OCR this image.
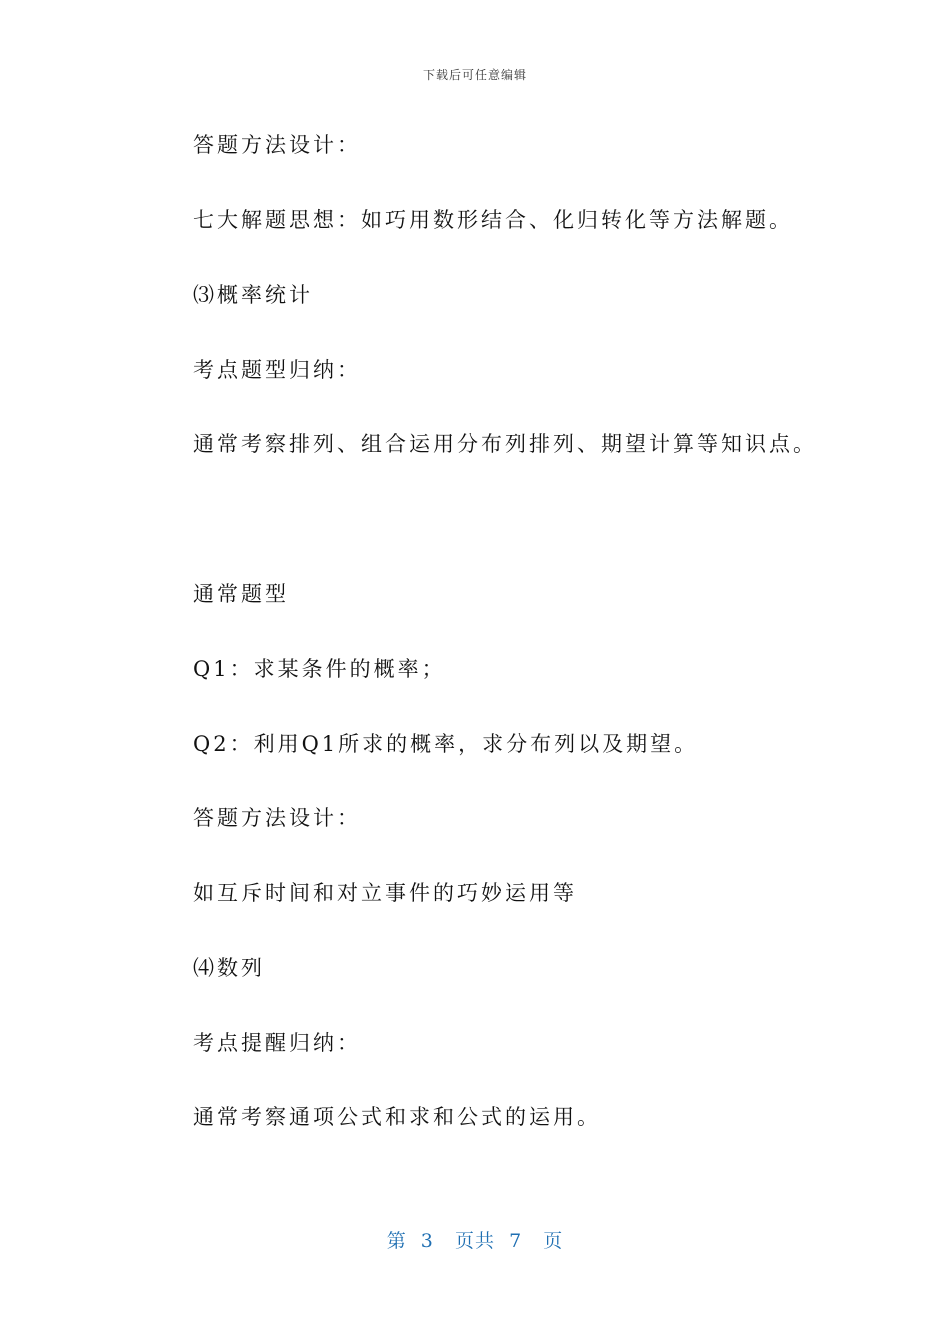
下载后可任意编辑
答题方法设计：
七大解题思想：如巧用数形结合、化归转化等方法解题。
⑶概率统计
考点题型归纳：
通常考察排列、组合运用分布列排列、期望计算等知识点。
通常题型
Q1：求某条件的概率；
Q2：利用Q1所求的概率，求分布列以及期望。
答题方法设计：
如互斥时间和对立事件的巧妙运用等
⑷数列
考点提醒归纳：
通常考察通项公式和求和公式的运用。
第  3   页共  7   页
